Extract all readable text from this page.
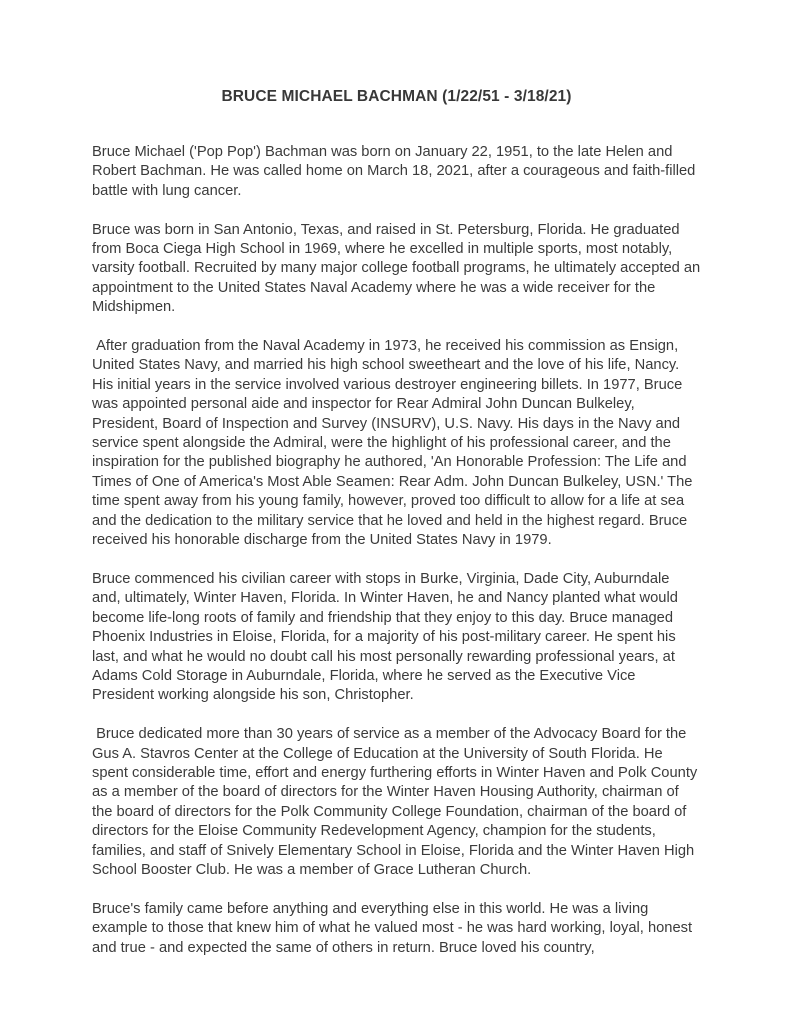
BRUCE MICHAEL BACHMAN (1/22/51 - 3/18/21)

Bruce Michael ('Pop Pop') Bachman was born on January 22, 1951, to the late Helen and Robert Bachman. He was called home on March 18, 2021, after a courageous and faith-filled battle with lung cancer.

Bruce was born in San Antonio, Texas, and raised in St. Petersburg, Florida. He graduated from Boca Ciega High School in 1969, where he excelled in multiple sports, most notably, varsity football. Recruited by many major college football programs, he ultimately accepted an appointment to the United States Naval Academy where he was a wide receiver for the Midshipmen.

After graduation from the Naval Academy in 1973, he received his commission as Ensign, United States Navy, and married his high school sweetheart and the love of his life, Nancy. His initial years in the service involved various destroyer engineering billets. In 1977, Bruce was appointed personal aide and inspector for Rear Admiral John Duncan Bulkeley, President, Board of Inspection and Survey (INSURV), U.S. Navy. His days in the Navy and service spent alongside the Admiral, were the highlight of his professional career, and the inspiration for the published biography he authored, 'An Honorable Profession: The Life and Times of One of America's Most Able Seamen: Rear Adm. John Duncan Bulkeley, USN.' The time spent away from his young family, however, proved too difficult to allow for a life at sea and the dedication to the military service that he loved and held in the highest regard. Bruce received his honorable discharge from the United States Navy in 1979.

Bruce commenced his civilian career with stops in Burke, Virginia, Dade City, Auburndale and, ultimately, Winter Haven, Florida. In Winter Haven, he and Nancy planted what would become life-long roots of family and friendship that they enjoy to this day. Bruce managed Phoenix Industries in Eloise, Florida, for a majority of his post-military career. He spent his last, and what he would no doubt call his most personally rewarding professional years, at Adams Cold Storage in Auburndale, Florida, where he served as the Executive Vice President working alongside his son, Christopher.

Bruce dedicated more than 30 years of service as a member of the Advocacy Board for the Gus A. Stavros Center at the College of Education at the University of South Florida. He spent considerable time, effort and energy furthering efforts in Winter Haven and Polk County as a member of the board of directors for the Winter Haven Housing Authority, chairman of the board of directors for the Polk Community College Foundation, chairman of the board of directors for the Eloise Community Redevelopment Agency, champion for the students, families, and staff of Snively Elementary School in Eloise, Florida and the Winter Haven High School Booster Club. He was a member of Grace Lutheran Church.

Bruce's family came before anything and everything else in this world. He was a living example to those that knew him of what he valued most - he was hard working, loyal, honest and true - and expected the same of others in return. Bruce loved his country,
